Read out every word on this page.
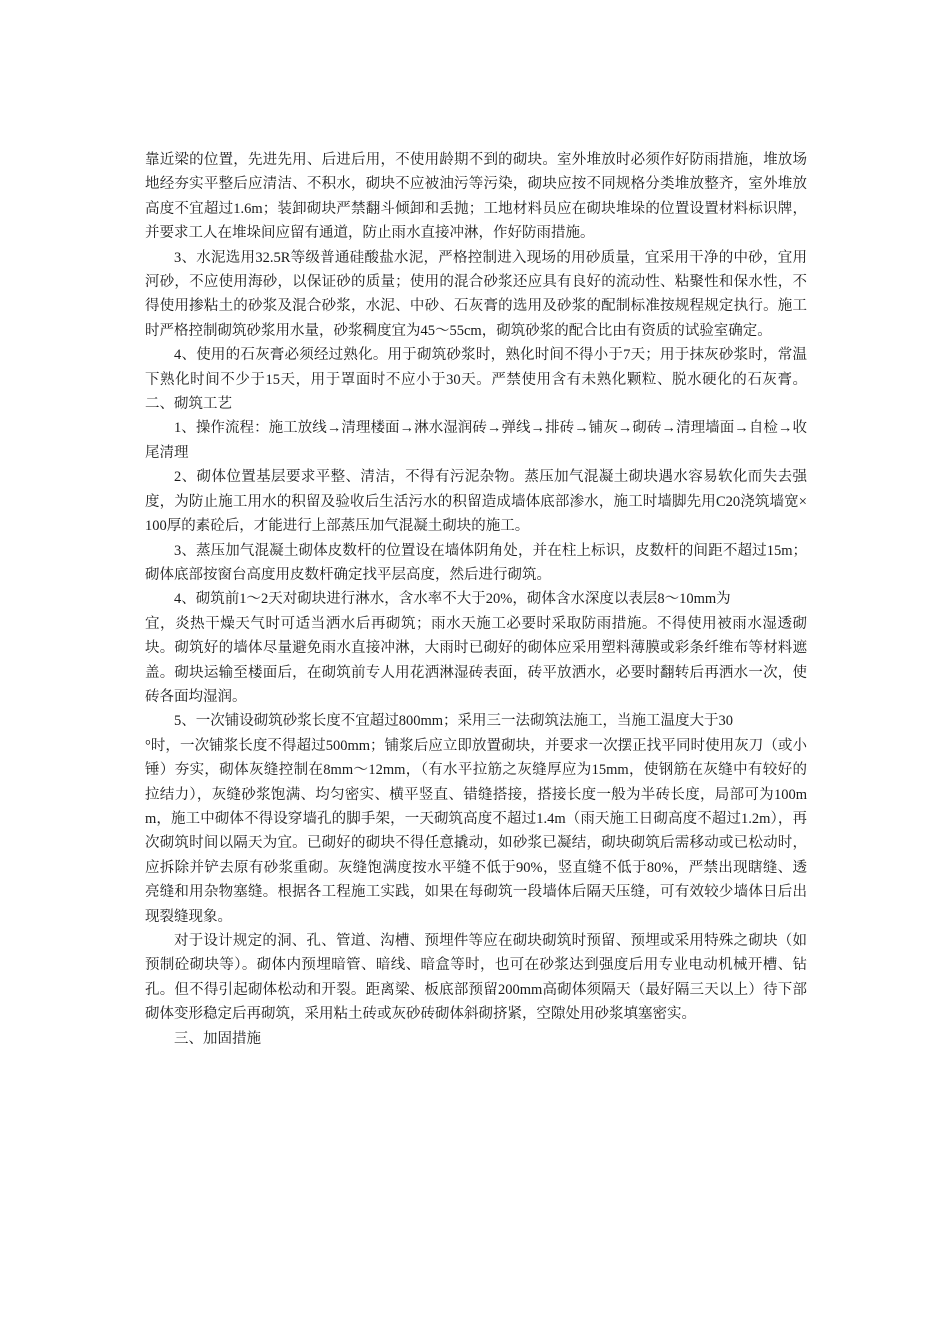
靠近梁的位置，先进先用、后进后用，不使用龄期不到的砌块。室外堆放时必须作好防雨措施，堆放场地经夯实平整后应清洁、不积水，砌块不应被油污等污染，砌块应按不同规格分类堆放整齐，室外堆放高度不宜超过1.6m；装卸砌块严禁翻斗倾卸和丢抛；工地材料员应在砌块堆垛的位置设置材料标识牌，并要求工人在堆垛间应留有通道，防止雨水直接冲淋，作好防雨措施。

3、水泥选用32.5R等级普通硅酸盐水泥，严格控制进入现场的用砂质量，宜采用干净的中砂，宜用河砂，不应使用海砂，以保证砂的质量；使用的混合砂浆还应具有良好的流动性、粘聚性和保水性，不得使用掺粘土的砂浆及混合砂浆，水泥、中砂、石灰膏的选用及砂浆的配制标准按规程规定执行。施工时严格控制砌筑砂浆用水量，砂浆稠度宜为45～55cm，砌筑砂浆的配合比由有资质的试验室确定。

4、使用的石灰膏必须经过熟化。用于砌筑砂浆时，熟化时间不得小于7天；用于抹灰砂浆时，常温下熟化时间不少于15天，用于罩面时不应小于30天。严禁使用含有未熟化颗粒、脱水硬化的石灰膏。二、砌筑工艺

1、操作流程：施工放线→清理楼面→淋水湿润砖→弹线→排砖→铺灰→砌砖→清理墙面→自检→收尾清理

2、砌体位置基层要求平整、清洁，不得有污泥杂物。蒸压加气混凝土砌块遇水容易软化而失去强度，为防止施工用水的积留及验收后生活污水的积留造成墙体底部渗水，施工时墙脚先用C20浇筑墙宽×100厚的素砼后，才能进行上部蒸压加气混凝土砌块的施工。

3、蒸压加气混凝土砌体皮数杆的位置设在墙体阴角处，并在柱上标识，皮数杆的间距不超过15m；砌体底部按窗台高度用皮数杆确定找平层高度，然后进行砌筑。

4、砌筑前1～2天对砌块进行淋水，含水率不大于20%，砌体含水深度以表层8～10mm为

宜，炎热干燥天气时可适当洒水后再砌筑；雨水天施工必要时采取防雨措施。不得使用被雨水湿透砌块。砌筑好的墙体尽量避免雨水直接冲淋，大雨时已砌好的砌体应采用塑料薄膜或彩条纤维布等材料遮盖。砌块运输至楼面后，在砌筑前专人用花洒淋湿砖表面，砖平放洒水，必要时翻转后再洒水一次，使砖各面均湿润。

5、一次铺设砌筑砂浆长度不宜超过800mm；采用三一法砌筑法施工，当施工温度大于30

°时，一次铺浆长度不得超过500mm；铺浆后应立即放置砌块，并要求一次摆正找平同时使用灰刀（或小锤）夯实，砌体灰缝控制在8mm～12mm，（有水平拉筋之灰缝厚应为15mm，使钢筋在灰缝中有较好的拉结力），灰缝砂浆饱满、均匀密实、横平竖直、错缝搭接，搭接长度一般为半砖长度，局部可为100mm，施工中砌体不得设穿墙孔的脚手架，一天砌筑高度不超过1.4m（雨天施工日砌高度不超过1.2m），再次砌筑时间以隔天为宜。已砌好的砌块不得任意撬动，如砂浆已凝结，砌块砌筑后需移动或已松动时，应拆除并铲去原有砂浆重砌。灰缝饱满度按水平缝不低于90%，竖直缝不低于80%，严禁出现瞎缝、透亮缝和用杂物塞缝。根据各工程施工实践，如果在每砌筑一段墙体后隔天压缝，可有效较少墙体日后出现裂缝现象。

对于设计规定的洞、孔、管道、沟槽、预埋件等应在砌块砌筑时预留、预埋或采用特殊之砌块（如预制砼砌块等）。砌体内预埋暗管、暗线、暗盒等时，也可在砂浆达到强度后用专业电动机械开槽、钻孔。但不得引起砌体松动和开裂。距离梁、板底部预留200mm高砌体须隔天（最好隔三天以上）待下部砌体变形稳定后再砌筑，采用粘土砖或灰砂砖砌体斜砌挤紧，空隙处用砂浆填塞密实。

三、加固措施
